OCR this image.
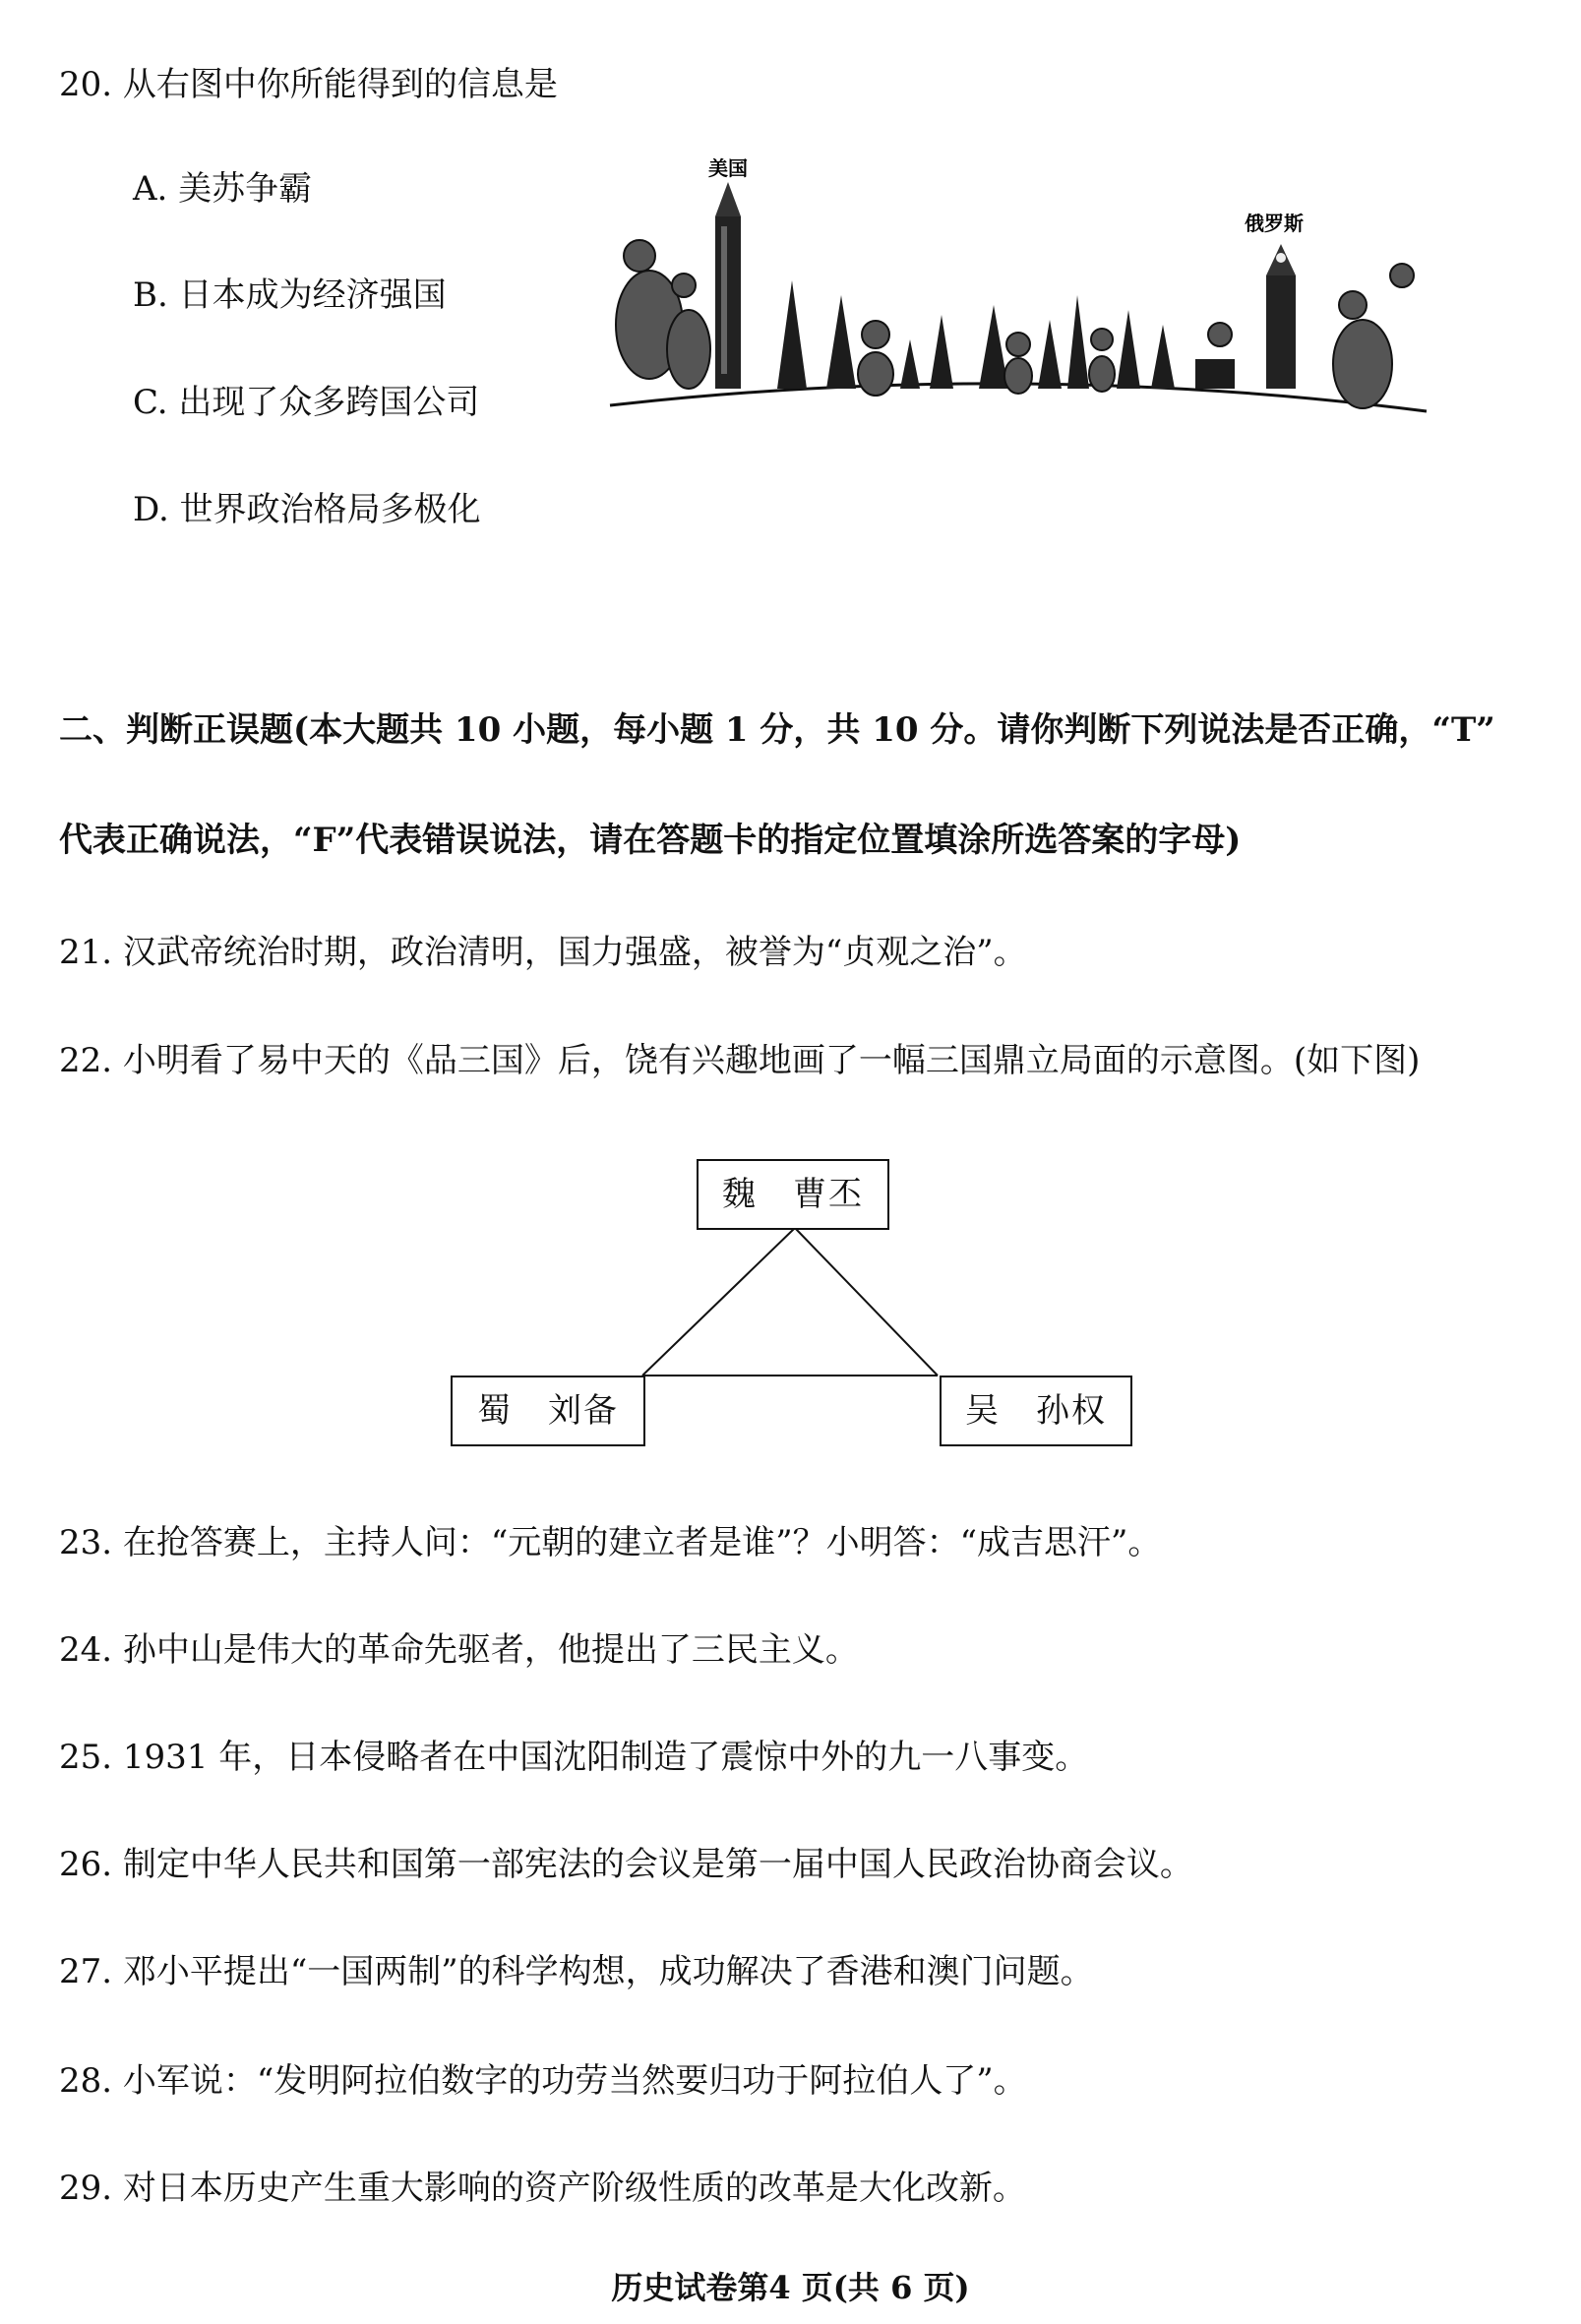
20. 从右图中你所能得到的信息是
A. 美苏争霸
B. 日本成为经济强国
C. 出现了众多跨国公司
D. 世界政治格局多极化
美国
俄罗斯
二、判断正误题(本大题共 10 小题，每小题 1 分，共 10 分。请你判断下列说法是否正确，“T”
代表正确说法，“F”代表错误说法，请在答题卡的指定位置填涂所选答案的字母)
21. 汉武帝统治时期，政治清明，国力强盛，被誉为“贞观之治”。
22. 小明看了易中天的《品三国》后，饶有兴趣地画了一幅三国鼎立局面的示意图。(如下图)
魏　曹丕
蜀　刘备	吴　孙权
23. 在抢答赛上，主持人问：“元朝的建立者是谁”？小明答：“成吉思汗”。
24. 孙中山是伟大的革命先驱者，他提出了三民主义。
25. 1931 年，日本侵略者在中国沈阳制造了震惊中外的九一八事变。
26. 制定中华人民共和国第一部宪法的会议是第一届中国人民政治协商会议。
27. 邓小平提出“一国两制”的科学构想，成功解决了香港和澳门问题。
28. 小军说：“发明阿拉伯数字的功劳当然要归功于阿拉伯人了”。
29. 对日本历史产生重大影响的资产阶级性质的改革是大化改新。
历史试卷第4 页(共 6 页)
